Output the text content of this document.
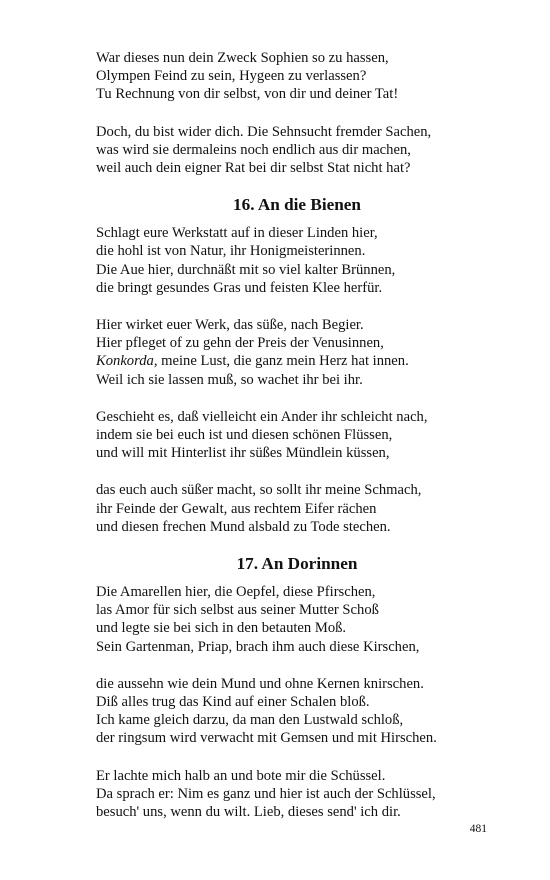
War dieses nun dein Zweck Sophien so zu hassen,
Olympen Feind zu sein, Hygeen zu verlassen?
Tu Rechnung von dir selbst, von dir und deiner Tat!
Doch, du bist wider dich. Die Sehnsucht fremder Sachen,
was wird sie dermaleins noch endlich aus dir machen,
weil auch dein eigner Rat bei dir selbst Stat nicht hat?
16. An die Bienen
Schlagt eure Werkstatt auf in dieser Linden hier,
die hohl ist von Natur, ihr Honigmeisterinnen.
Die Aue hier, durchnäßt mit so viel kalter Brünnen,
die bringt gesundes Gras und feisten Klee herfür.
Hier wirket euer Werk, das süße, nach Begier.
Hier pfleget of zu gehn der Preis der Venusinnen,
Konkorda, meine Lust, die ganz mein Herz hat innen.
Weil ich sie lassen muß, so wachet ihr bei ihr.
Geschieht es, daß vielleicht ein Ander ihr schleicht nach,
indem sie bei euch ist und diesen schönen Flüssen,
und will mit Hinterlist ihr süßes Mündlein küssen,
das euch auch süßer macht, so sollt ihr meine Schmach,
ihr Feinde der Gewalt, aus rechtem Eifer rächen
und diesen frechen Mund alsbald zu Tode stechen.
17. An Dorinnen
Die Amarellen hier, die Oepfel, diese Pfirschen,
las Amor für sich selbst aus seiner Mutter Schoß
und legte sie bei sich in den betauten Moß.
Sein Gartenman, Priap, brach ihm auch diese Kirschen,
die aussehn wie dein Mund und ohne Kernen knirschen.
Diß alles trug das Kind auf einer Schalen bloß.
Ich kame gleich darzu, da man den Lustwald schloß,
der ringsum wird verwacht mit Gemsen und mit Hirschen.
Er lachte mich halb an und bote mir die Schüssel.
Da sprach er: Nim es ganz und hier ist auch der Schlüssel,
besuch' uns, wenn du wilt. Lieb, dieses send' ich dir.
481
